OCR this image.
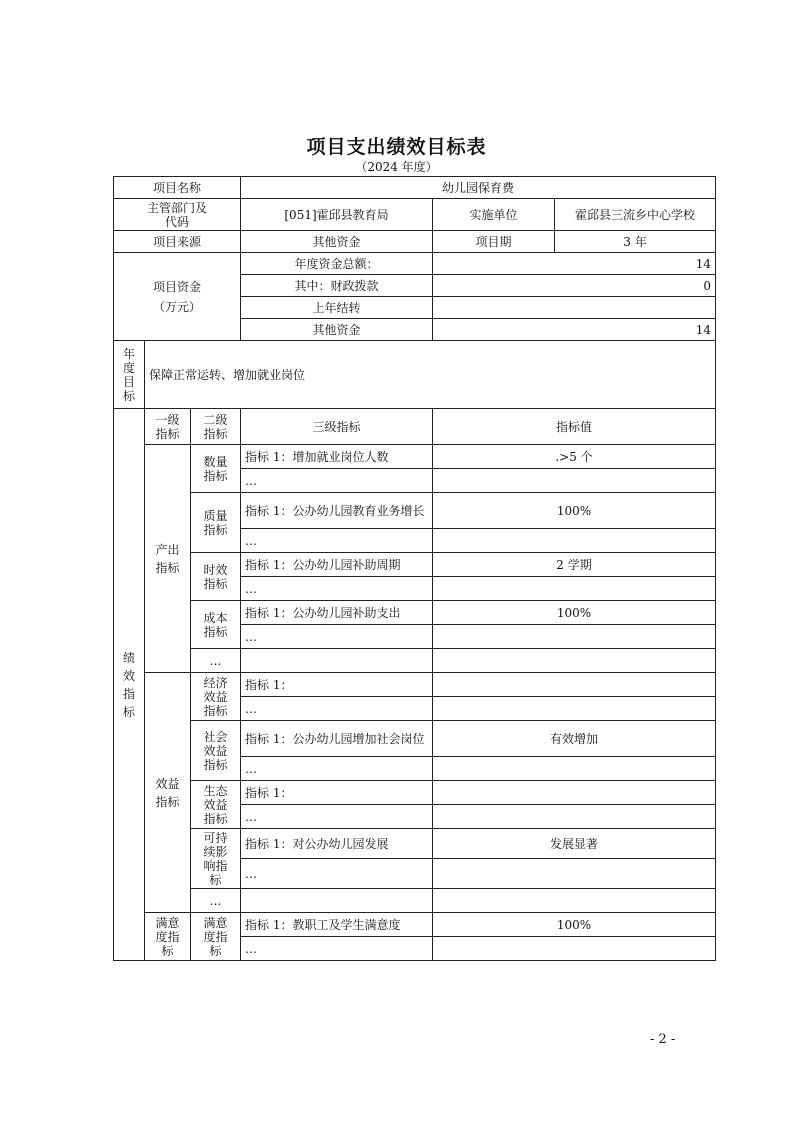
项目支出绩效目标表
（2024 年度）
项目名称			幼儿园保育费		

主管部门及代码			[051]霍邱县教育局	实施单位	霍邱县三流乡中心学校
项目来源			其他资金	项目期	3 年

项目资金（万元）			年度资金总额：	14	
			其中：财政拨款	0	
			上年结转		
			其他资金	14	

年度目标	保障正常运转、增加就业岗位				

绩效指标	一级指标	二级指标	三级指标	指标值	

	产出指标	数量指标	指标 1：增加就业岗位人数	.>5 个	
			…		

		质量指标	指标 1：公办幼儿园教育业务增长	100%	
			…		

		时效指标	指标 1：公办幼儿园补助周期	2 学期	
			…		

		成本指标	指标 1：公办幼儿园补助支出	100%	
			…		
		…			

	效益指标	经济效益指标	指标 1：		
			…		

		社会效益指标	指标 1：公办幼儿园增加社会岗位	有效增加	
			…		

		生态效益指标	指标 1：		
			…		

		可持续影响指标	指标 1：对公办幼儿园发展	发展显著	
			…		
		…			

	满意度指标	满意度指标	指标 1：教职工及学生满意度	100%	
			…		
- 2 -
